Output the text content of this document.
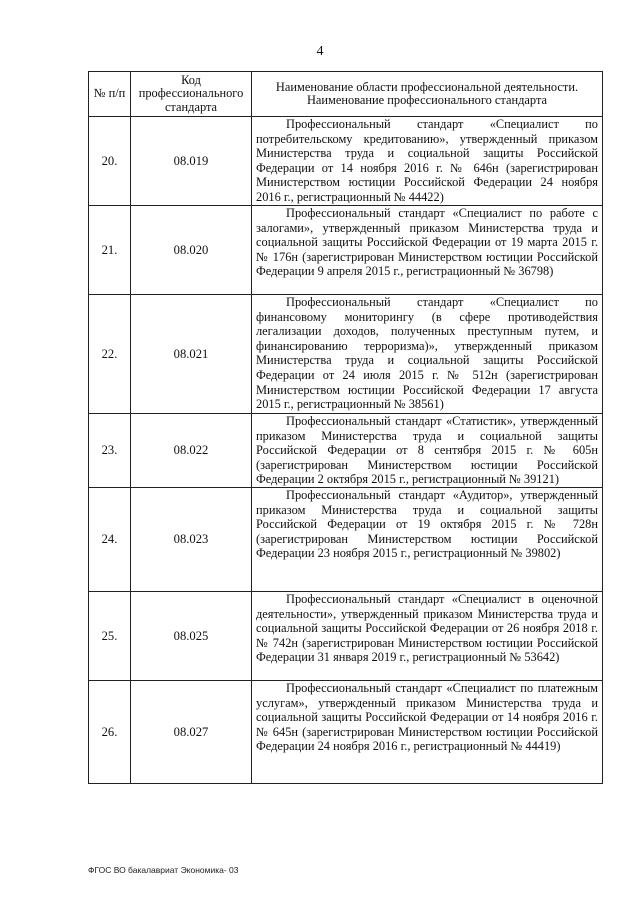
4
№ п/п	Код профессионального стандарта	Наименование области профессиональной деятельности. Наименование профессионального стандарта
20.	08.019	Профессиональный стандарт «Специалист по потребительскому кредитованию», утвержденный приказом Министерства труда и социальной защиты Российской Федерации от 14 ноября 2016 г. № 646н (зарегистрирован Министерством юстиции Российской Федерации 24 ноября 2016 г., регистрационный № 44422)
21.	08.020	Профессиональный стандарт «Специалист по работе с залогами», утвержденный приказом Министерства труда и социальной защиты Российской Федерации от 19 марта 2015 г. № 176н (зарегистрирован Министерством юстиции Российской Федерации 9 апреля 2015 г., регистрационный № 36798)
22.	08.021	Профессиональный стандарт «Специалист по финансовому мониторингу (в сфере противодействия легализации доходов, полученных преступным путем, и финансированию терроризма)», утвержденный приказом Министерства труда и социальной защиты Российской Федерации от 24 июля 2015 г. № 512н (зарегистрирован Министерством юстиции Российской Федерации 17 августа 2015 г., регистрационный № 38561)
23.	08.022	Профессиональный стандарт «Статистик», утвержденный приказом Министерства труда и социальной защиты Российской Федерации от 8 сентября 2015 г. № 605н (зарегистрирован Министерством юстиции Российской Федерации 2 октября 2015 г., регистрационный № 39121)
24.	08.023	Профессиональный стандарт «Аудитор», утвержденный приказом Министерства труда и социальной защиты Российской Федерации от 19 октября 2015 г. № 728н (зарегистрирован Министерством юстиции Российской Федерации 23 ноября 2015 г., регистрационный № 39802)
25.	08.025	Профессиональный стандарт «Специалист в оценочной деятельности», утвержденный приказом Министерства труда и социальной защиты Российской Федерации от 26 ноября 2018 г. № 742н (зарегистрирован Министерством юстиции Российской Федерации 31 января 2019 г., регистрационный № 53642)
26.	08.027	Профессиональный стандарт «Специалист по платежным услугам», утвержденный приказом Министерства труда и социальной защиты Российской Федерации от 14 ноября 2016 г. № 645н (зарегистрирован Министерством юстиции Российской Федерации 24 ноября 2016 г., регистрационный № 44419)
ФГОС ВО бакалавриат Экономика- 03
